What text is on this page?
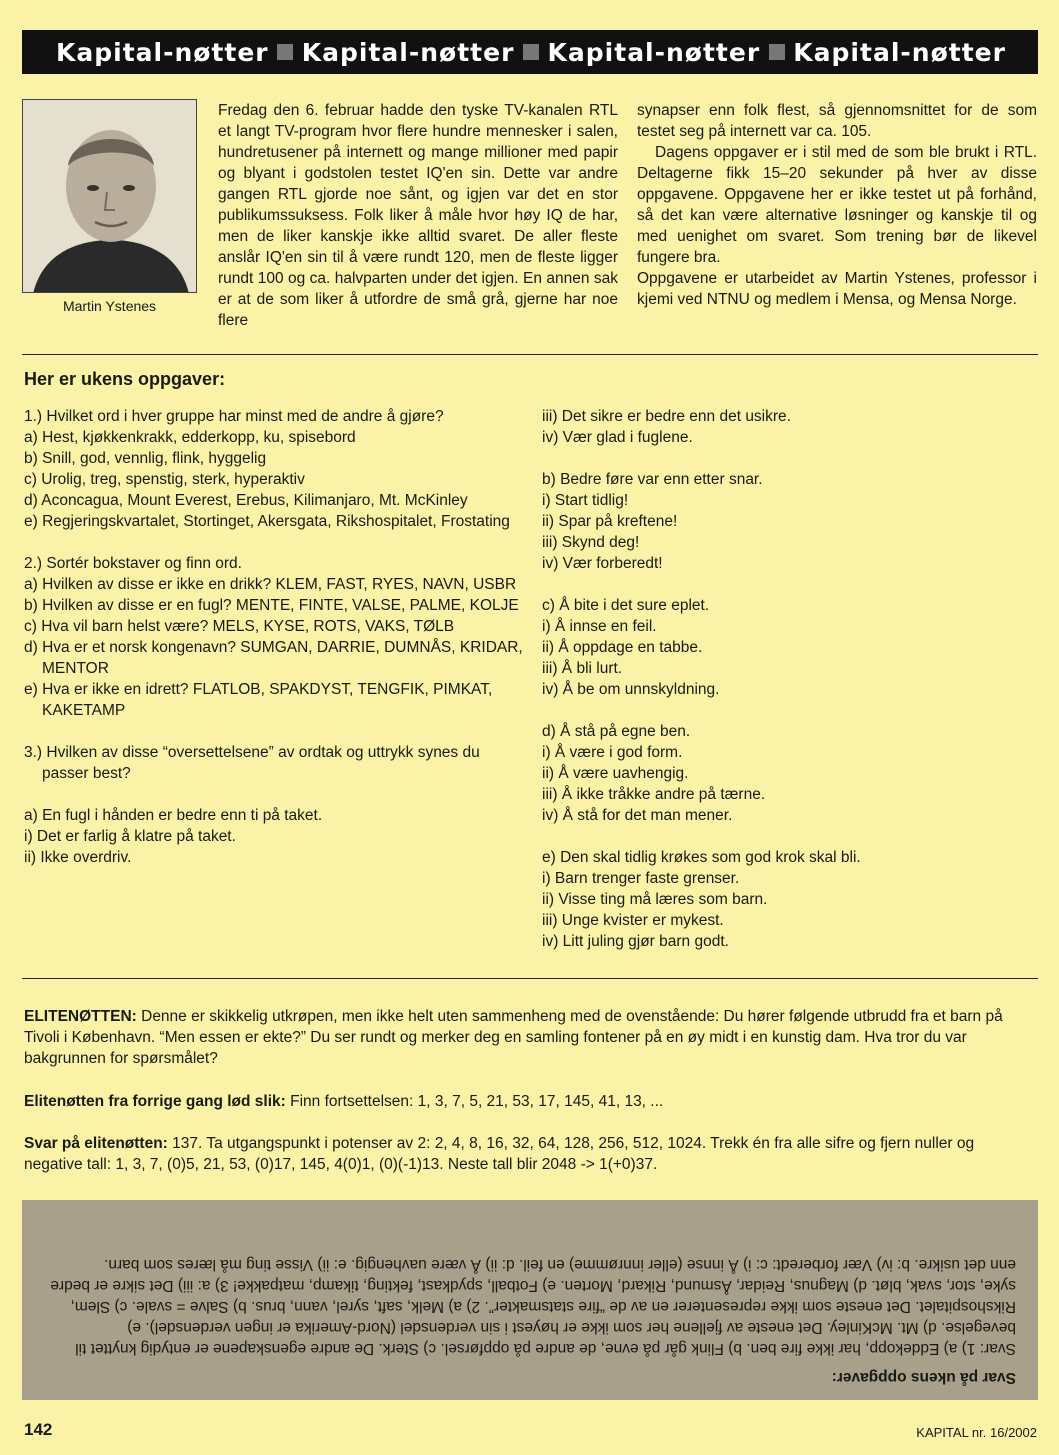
Kapital-nøtter Kapital-nøtter Kapital-nøtter Kapital-nøtter
Martin Ystenes

Fredag den 6. februar hadde den tyske TV-kanalen RTL et langt TV-program hvor flere hundre mennesker i salen, hundretusener på internett og mange millioner med papir og blyant i godstolen testet IQ'en sin. Dette var andre gangen RTL gjorde noe sånt, og igjen var det en stor publikumssuksess. Folk liker å måle hvor høy IQ de har, men de liker kanskje ikke alltid svaret. De aller fleste anslår IQ'en sin til å være rundt 120, men de fleste ligger rundt 100 og ca. halvparten under det igjen. En annen sak er at de som liker å utfordre de små grå, gjerne har noe flere

synapser enn folk flest, så gjennomsnittet for de som testet seg på internett var ca. 105.

Dagens oppgaver er i stil med de som ble brukt i RTL. Deltagerne fikk 15–20 sekunder på hver av disse oppgavene. Oppgavene her er ikke testet ut på forhånd, så det kan være alternative løsninger og kanskje til og med uenighet om svaret. Som trening bør de likevel fungere bra.

Oppgavene er utarbeidet av Martin Ystenes, professor i kjemi ved NTNU og medlem i Mensa, og Mensa Norge.

Her er ukens oppgaver:
1.) Hvilket ord i hver gruppe har minst med de andre å gjøre?
a) Hest, kjøkkenkrakk, edderkopp, ku, spisebord
b) Snill, god, vennlig, flink, hyggelig
c) Urolig, treg, spenstig, sterk, hyperaktiv
d) Aconcagua, Mount Everest, Erebus, Kilimanjaro, Mt. McKinley
e) Regjeringskvartalet, Stortinget, Akersgata, Rikshospitalet, Frostating
2.) Sortér bokstaver og finn ord.
a) Hvilken av disse er ikke en drikk? KLEM, FAST, RYES, NAVN, USBR
b) Hvilken av disse er en fugl? MENTE, FINTE, VALSE, PALME, KOLJE
c) Hva vil barn helst være? MELS, KYSE, ROTS, VAKS, TØLB
d) Hva er et norsk kongenavn? SUMGAN, DARRIE, DUMNÅS, KRIDAR, MENTOR
e) Hva er ikke en idrett? FLATLOB, SPAKDYST, TENGFIK, PIMKAT, KAKETAMP
3.) Hvilken av disse “oversettelsene” av ordtak og uttrykk synes du passer best?
a) En fugl i hånden er bedre enn ti på taket.
i) Det er farlig å klatre på taket.
ii) Ikke overdriv.
iii) Det sikre er bedre enn det usikre.
iv) Vær glad i fuglene.
b) Bedre føre var enn etter snar.
i) Start tidlig!
ii) Spar på kreftene!
iii) Skynd deg!
iv) Vær forberedt!
c) Å bite i det sure eplet.
i) Å innse en feil.
ii) Å oppdage en tabbe.
iii) Å bli lurt.
iv) Å be om unnskyldning.
d) Å stå på egne ben.
i) Å være i god form.
ii) Å være uavhengig.
iii) Å ikke tråkke andre på tærne.
iv) Å stå for det man mener.
e) Den skal tidlig krøkes som god krok skal bli.
i) Barn trenger faste grenser.
ii) Visse ting må læres som barn.
iii) Unge kvister er mykest.
iv) Litt juling gjør barn godt.
ELITENØTTEN: Denne er skikkelig utkrøpen, men ikke helt uten sammenheng med de ovenstående: Du hører følgende utbrudd fra et barn på Tivoli i København. “Men essen er ekte?” Du ser rundt og merker deg en samling fontener på en øy midt i en kunstig dam. Hva tror du var bakgrunnen for spørsmålet?
Elitenøtten fra forrige gang lød slik: Finn fortsettelsen: 1, 3, 7, 5, 21, 53, 17, 145, 41, 13, ...
Svar på elitenøtten: 137. Ta utgangspunkt i potenser av 2: 2, 4, 8, 16, 32, 64, 128, 256, 512, 1024. Trekk én fra alle sifre og fjern nuller og negative tall: 1, 3, 7, (0)5, 21, 53, (0)17, 145, 4(0)1, (0)(-1)13. Neste tall blir 2048 -> 1(+0)37.
Svar på ukens oppgaver:
Svar: 1) a) Eddekopp, har ikke fire ben. b) Flink går på evne, de andre på oppførsel. c) Sterk. De andre egenskapene er entydig knyttet til bevegelse. d) Mt. McKinley. Det eneste av fjellene her som ikke er høyest i sin verdensdel (Nord-Amerika er ingen verdensdel). e) Rikshospitalet. Det eneste som ikke representerer en av de “fire statsmakter”. 2) a) Melk, saft, syrel, vann, brus. b) Salve = svale. c) Slem, syke, stor, svak, bløt. d) Magnus, Reidar, Åsmund, Rikard, Morten. e) Fotball, spydkast, fekting, tikamp, matpakke! 3) a: iii) Det sikre er bedre enn det usikre. b: iv) Vær forberedt: c: i) Å innse (eller innrømme) en feil. d: ii) Å være uavhengig. e: ii) Visse ting må læres som barn.
142	KAPITAL nr. 16/2002
